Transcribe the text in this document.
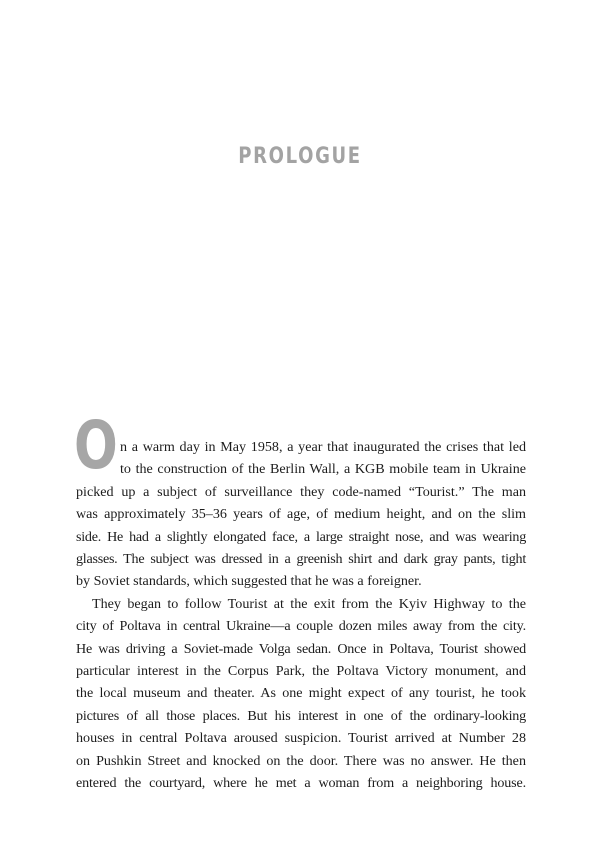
PROLOGUE
O n a warm day in May 1958, a year that inaugurated the crises that led
to the construction of the Berlin Wall, a KGB mobile team in Ukraine
picked up a subject of surveillance they code-named “Tourist.” The man
was approximately 35–36 years of age, of medium height, and on the slim
side. He had a slightly elongated face, a large straight nose, and was wearing
glasses. The subject was dressed in a greenish shirt and dark gray pants, tight
by Soviet standards, which suggested that he was a foreigner.
They began to follow Tourist at the exit from the Kyiv Highway to the
city of Poltava in central Ukraine—a couple dozen miles away from the city.
He was driving a Soviet-made Volga sedan. Once in Poltava, Tourist showed
particular interest in the Corpus Park, the Poltava Victory monument, and
the local museum and theater. As one might expect of any tourist, he took
pictures of all those places. But his interest in one of the ordinary-looking
houses in central Poltava aroused suspicion. Tourist arrived at Number 28
on Pushkin Street and knocked on the door. There was no answer. He then
entered the courtyard, where he met a woman from a neighboring house.
